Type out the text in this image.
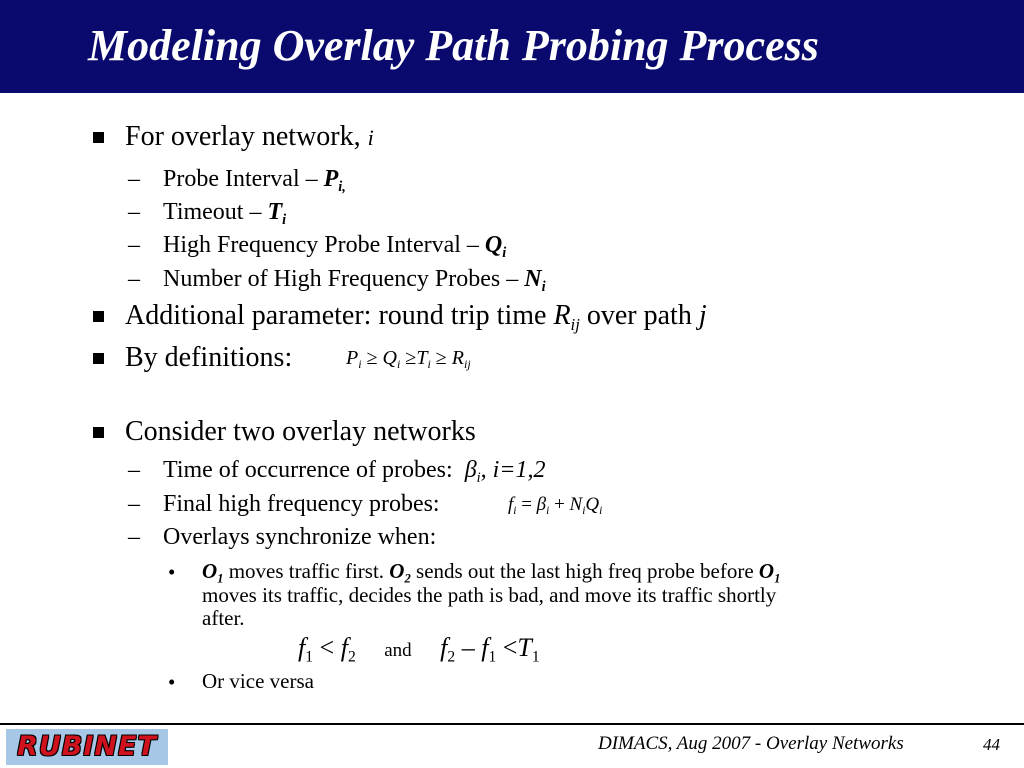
Modeling Overlay Path Probing Process
For overlay network, i
– Probe Interval – $P_{i,}$
– Timeout – $T_i$
– High Frequency Probe Interval – $Q_i$
– Number of High Frequency Probes – $N_i$
Additional parameter: round trip time $R_{ij}$ over path j
By definitions:	$P_i \ge Q_i \ge T_i \ge R_{ij}$
Consider two overlay networks
– Time of occurrence of probes: $\beta_i$, i=1,2
– Final high frequency probes:	$f_i = \beta_i + N_iQ_i$
– Overlays synchronize when:
• $O_1$ moves traffic first. $O_2$ sends out the last high freq probe before $O_1$
moves its traffic, decides the path is bad, and move its traffic shortly
after.
$f_1 < f_2$ and $f_2 - f_1 <T_1$
• Or vice versa
RUBINET	DIMACS, Aug 2007 - Overlay Networks	44
